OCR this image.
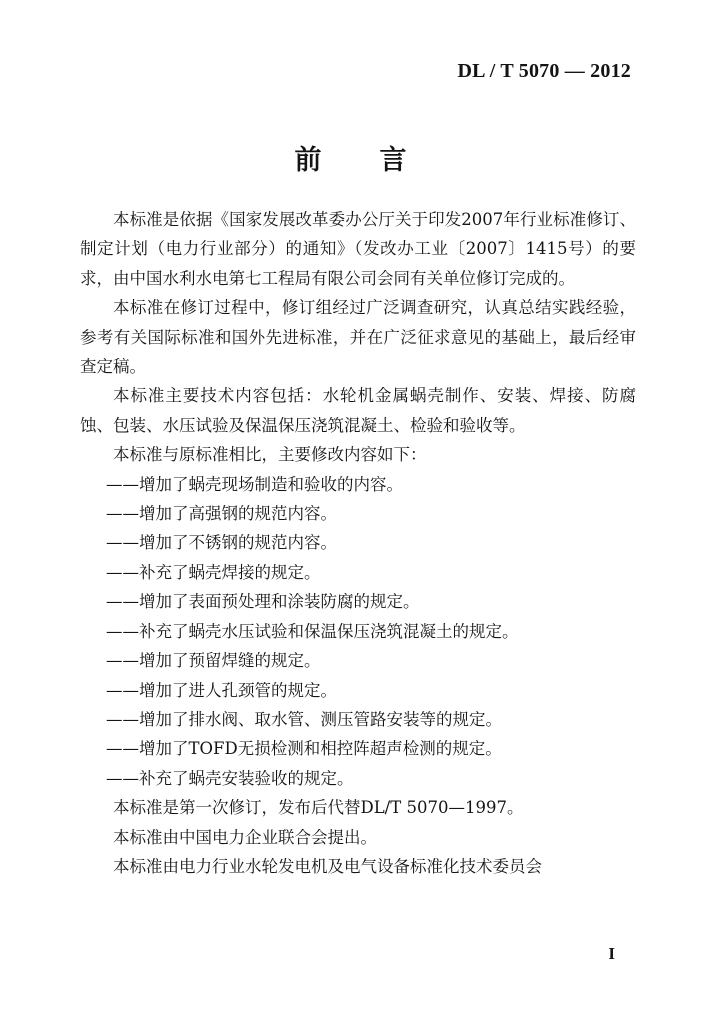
DL / T 5070 — 2012
前 言

本标准是依据《国家发展改革委办公厅关于印发2007年行业标准修订、制定计划（电力行业部分）的通知》（发改办工业〔2007〕1415号）的要求，由中国水利水电第七工程局有限公司会同有关单位修订完成的。

本标准在修订过程中，修订组经过广泛调查研究，认真总结实践经验，参考有关国际标准和国外先进标准，并在广泛征求意见的基础上，最后经审查定稿。

本标准主要技术内容包括：水轮机金属蜗壳制作、安装、焊接、防腐蚀、包装、水压试验及保温保压浇筑混凝土、检验和验收等。

本标准与原标准相比，主要修改内容如下：

——增加了蜗壳现场制造和验收的内容。

——增加了高强钢的规范内容。

——增加了不锈钢的规范内容。

——补充了蜗壳焊接的规定。

——增加了表面预处理和涂装防腐的规定。

——补充了蜗壳水压试验和保温保压浇筑混凝土的规定。

——增加了预留焊缝的规定。

——增加了进人孔颈管的规定。

——增加了排水阀、取水管、测压管路安装等的规定。

——增加了TOFD无损检测和相控阵超声检测的规定。

——补充了蜗壳安装验收的规定。

本标准是第一次修订，发布后代替DL/T 5070—1997。

本标准由中国电力企业联合会提出。

本标准由电力行业水轮发电机及电气设备标准化技术委员会

I
